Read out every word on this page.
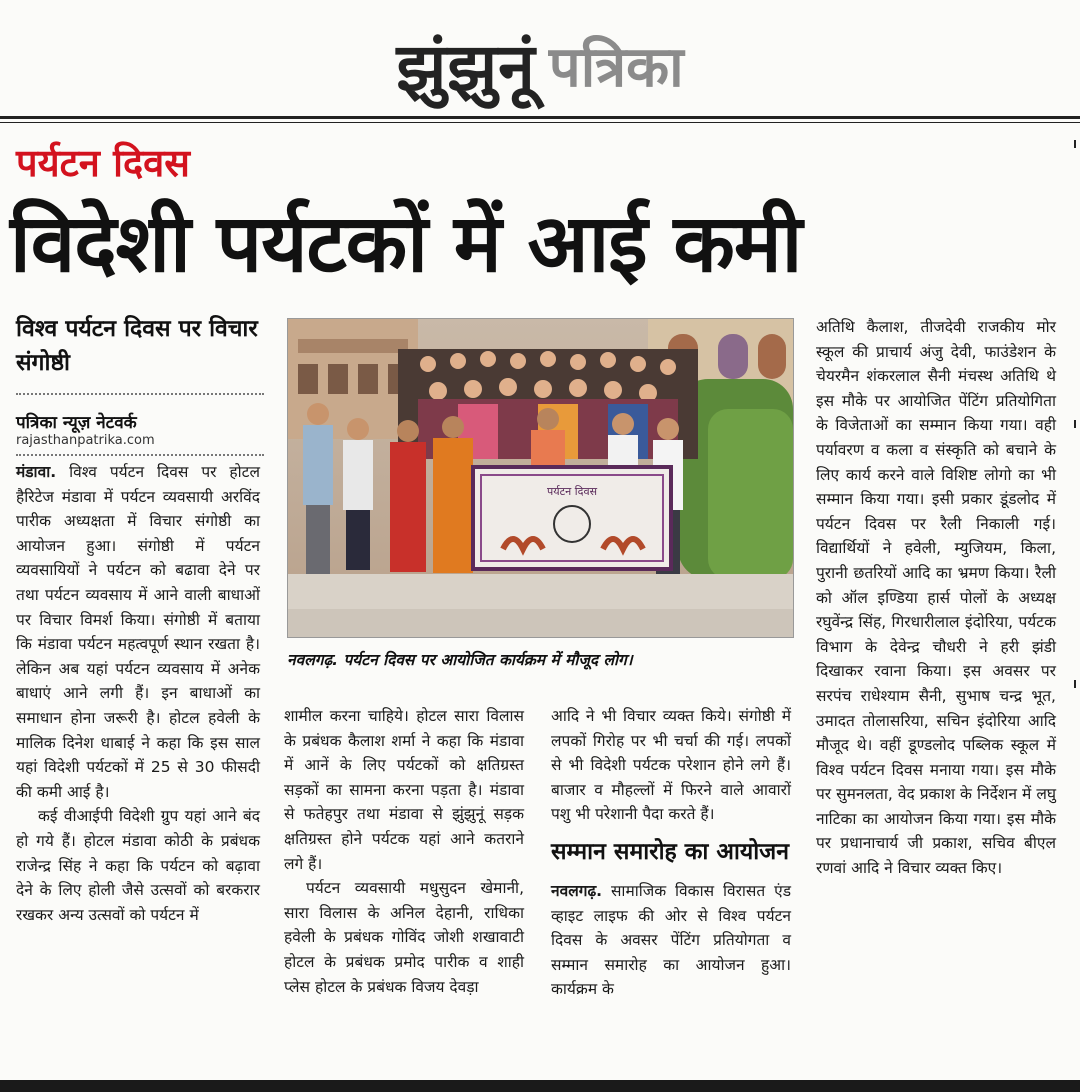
झुंझुनूं पत्रिका
पर्यटन दिवस
विदेशी पर्यटकों में आई कमी
विश्व पर्यटन दिवस पर विचार संगोष्ठी
पत्रिका न्यूज़ नेटवर्क
rajasthanpatrika.com

मंडावा. विश्व पर्यटन दिवस पर होटल हैरिटेज मंडावा में पर्यटन व्यवसायी अरविंद पारीक अध्यक्षता में विचार संगोष्ठी का आयोजन हुआ। संगोष्ठी में पर्यटन व्यवसायियों ने पर्यटन को बढावा देने पर तथा पर्यटन व्यवसाय में आने वाली बाधाओं पर विचार विमर्श किया। संगोष्ठी में बताया कि मंडावा पर्यटन महत्वपूर्ण स्थान रखता है। लेकिन अब यहां पर्यटन व्यवसाय में अनेक बाधाएं आने लगी हैं। इन बाधाओं का समाधान होना जरूरी है। होटल हवेली के मालिक दिनेश धाबाई ने कहा कि इस साल यहां विदेशी पर्यटकों में 25 से 30 फीसदी की कमी आई है।

कई वीआईपी विदेशी ग्रुप यहां आने बंद हो गये हैं। होटल मंडावा कोठी के प्रबंधक राजेन्द्र सिंह ने कहा कि पर्यटन को बढ़ावा देने के लिए होली जैसे उत्सवों को बरकरार रखकर अन्य उत्सवों को पर्यटन में

पर्यटन दिवस
नवलगढ़. पर्यटन दिवस पर आयोजित कार्यक्रम में मौजूद लोग।

शामील करना चाहिये। होटल सारा विलास के प्रबंधक कैलाश शर्मा ने कहा कि मंडावा में आनें के लिए पर्यटकों को क्षतिग्रस्त सड़कों का सामना करना पड़ता है। मंडावा से फतेहपुर तथा मंडावा से झुंझुनूं सड़क क्षतिग्रस्त होने पर्यटक यहां आने कतराने लगे हैं।

पर्यटन व्यवसायी मधुसुदन खेमानी, सारा विलास के अनिल देहानी, राधिका हवेली के प्रबंधक गोविंद जोशी शखावाटी होटल के प्रबंधक प्रमोद पारीक व शाही प्लेस होटल के प्रबंधक विजय देवड़ा

आदि ने भी विचार व्यक्त किये। संगोष्ठी में लपकों गिरोह पर भी चर्चा की गई। लपकों से भी विदेशी पर्यटक परेशान होने लगे हैं। बाजार व मौहल्लों में फिरने वाले आवारों पशु भी परेशानी पैदा करते हैं।

सम्मान समारोह का आयोजन

नवलगढ़. सामाजिक विकास विरासत एंड व्हाइट लाइफ की ओर से विश्व पर्यटन दिवस के अवसर पेंटिंग प्रतियोगता व सम्मान समारोह का आयोजन हुआ। कार्यक्रम के

अतिथि कैलाश, तीजदेवी राजकीय मोर स्कूल की प्राचार्य अंजु देवी, फाउंडेशन के चेयरमैन शंकरलाल सैनी मंचस्थ अतिथि थे इस मौके पर आयोजित पेंटिंग प्रतियोगिता के विजेताओं का सम्मान किया गया। वही पर्यावरण व कला व संस्कृति को बचाने के लिए कार्य करने वाले विशिष्ट लोगो का भी सम्मान किया गया। इसी प्रकार डूंडलोद में पर्यटन दिवस पर रैली निकाली गई। विद्यार्थियों ने हवेली, म्युजियम, किला, पुरानी छतरियों आदि का भ्रमण किया। रैली को ऑल इण्डिया हार्स पोलों के अध्यक्ष रघुवेंन्द्र सिंह, गिरधारीलाल इंदोरिया, पर्यटक विभाग के देवेन्द्र चौधरी ने हरी झंडी दिखाकर रवाना किया। इस अवसर पर सरपंच राधेश्याम सैनी, सुभाष चन्द्र भूत, उमादत तोलासरिया, सचिन इंदोरिया आदि मौजूद थे। वहीं डूण्डलोद पब्लिक स्कूल में विश्व पर्यटन दिवस मनाया गया। इस मौके पर सुमनलता, वेद प्रकाश के निर्देशन में लघु नाटिका का आयोजन किया गया। इस मौके पर प्रधानाचार्य जी प्रकाश, सचिव बीएल रणवां आदि ने विचार व्यक्त किए।
